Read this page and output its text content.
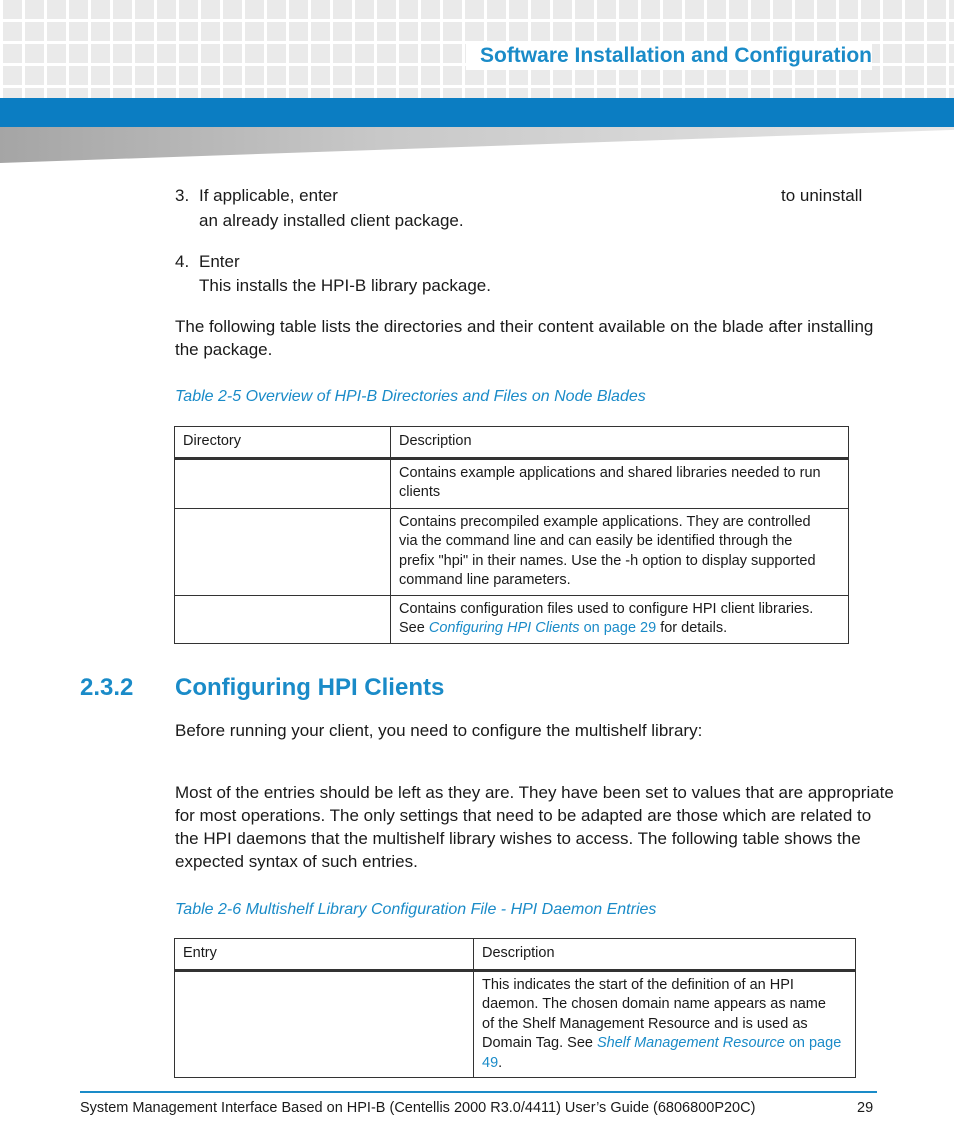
Software Installation and Configuration
3. If applicable, enter	to uninstall
an already installed client package.
4. Enter
This installs the HPI-B library package.
The following table lists the directories and their content available on the blade after installing
the package.
Table 2-5 Overview of HPI-B Directories and Files on Node Blades
Directory	Description

	Contains example applications and shared libraries needed to run
clients

	Contains precompiled example applications. They are controlled
via the command line and can easily be identified through the
prefix "hpi" in their names. Use the -h option to display supported
command line parameters.

	Contains configuration files used to configure HPI client libraries.
See Configuring HPI Clients on page 29 for details.
2.3.2 Configuring HPI Clients
Before running your client, you need to configure the multishelf library:
Most of the entries should be left as they are. They have been set to values that are appropriate
for most operations. The only settings that need to be adapted are those which are related to
the HPI daemons that the multishelf library wishes to access. The following table shows the
expected syntax of such entries.
Table 2-6 Multishelf Library Configuration File - HPI Daemon Entries
Entry	Description

	This indicates the start of the definition of an HPI
daemon. The chosen domain name appears as name
of the Shelf Management Resource and is used as
Domain Tag. See Shelf Management Resource on page
49.
System Management Interface Based on HPI-B (Centellis 2000 R3.0/4411) User’s Guide (6806800P20C)	29
